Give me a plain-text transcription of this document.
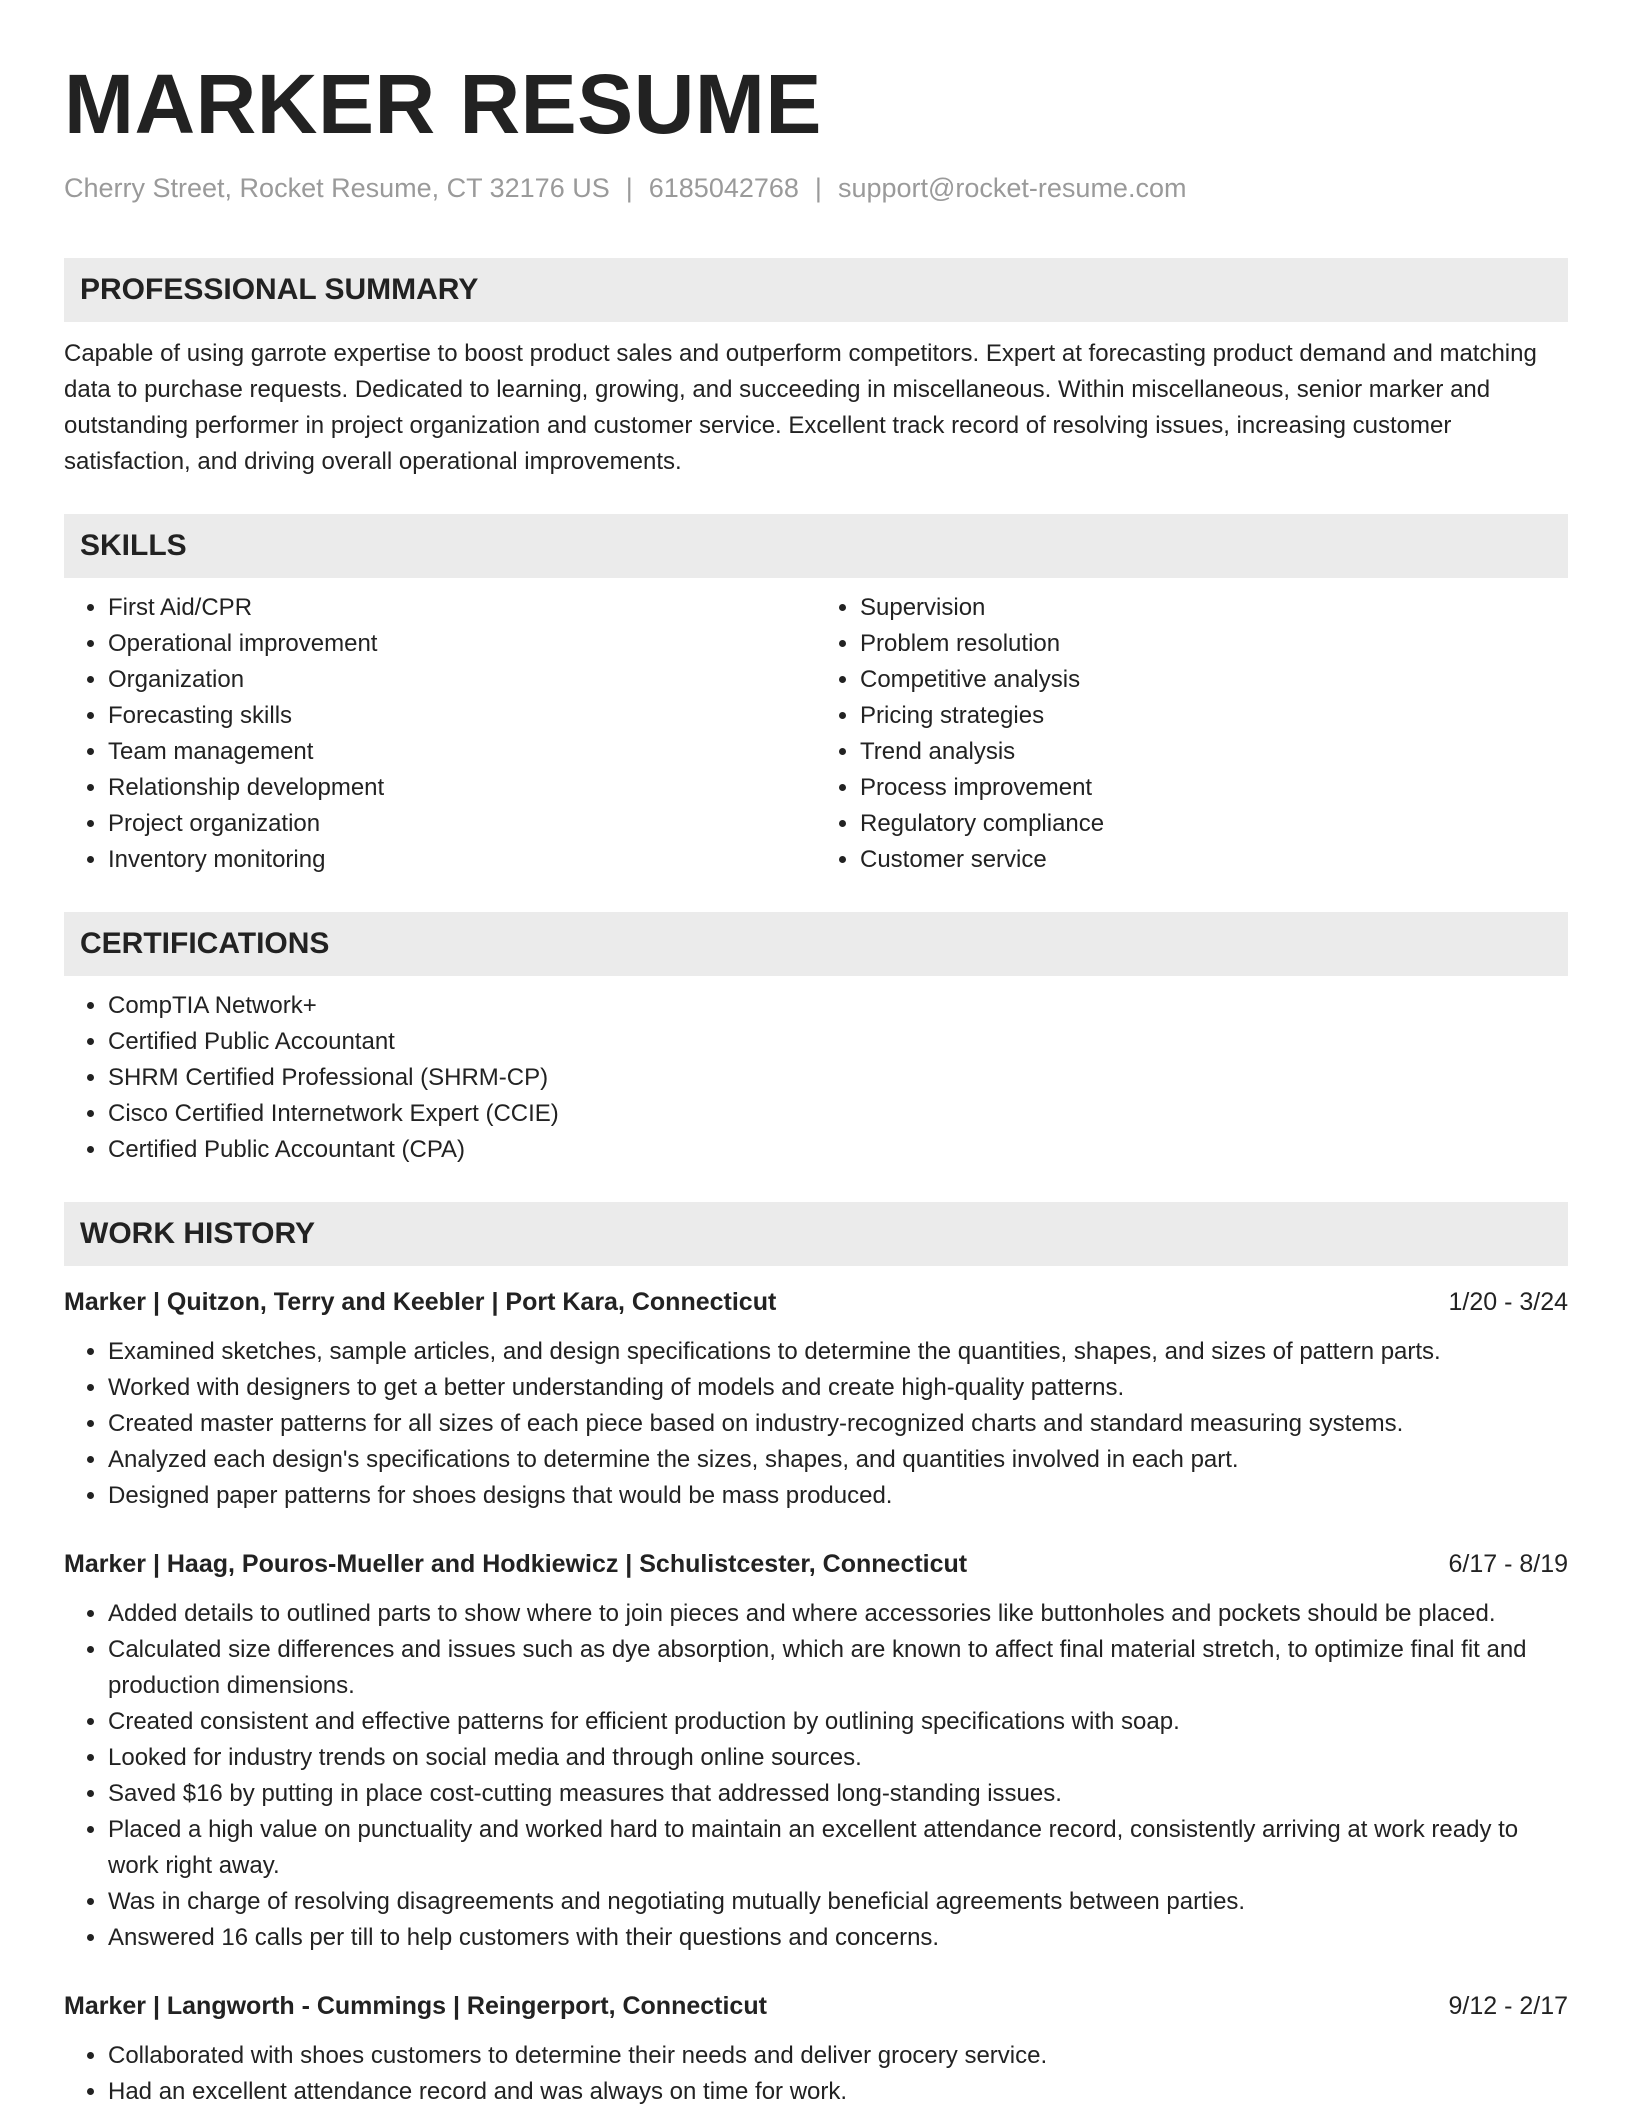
MARKER RESUME
Cherry Street, Rocket Resume, CT 32176 US | 6185042768 | support@rocket-resume.com
PROFESSIONAL SUMMARY
Capable of using garrote expertise to boost product sales and outperform competitors. Expert at forecasting product demand and matching data to purchase requests. Dedicated to learning, growing, and succeeding in miscellaneous. Within miscellaneous, senior marker and outstanding performer in project organization and customer service. Excellent track record of resolving issues, increasing customer satisfaction, and driving overall operational improvements.
SKILLS
• First Aid/CPR
• Operational improvement
• Organization
• Forecasting skills
• Team management
• Relationship development
• Project organization
• Inventory monitoring
• Supervision
• Problem resolution
• Competitive analysis
• Pricing strategies
• Trend analysis
• Process improvement
• Regulatory compliance
• Customer service
CERTIFICATIONS
• CompTIA Network+
• Certified Public Accountant
• SHRM Certified Professional (SHRM-CP)
• Cisco Certified Internetwork Expert (CCIE)
• Certified Public Accountant (CPA)
WORK HISTORY
Marker | Quitzon, Terry and Keebler | Port Kara, Connecticut	1/20 - 3/24
• Examined sketches, sample articles, and design specifications to determine the quantities, shapes, and sizes of pattern parts.
• Worked with designers to get a better understanding of models and create high-quality patterns.
• Created master patterns for all sizes of each piece based on industry-recognized charts and standard measuring systems.
• Analyzed each design's specifications to determine the sizes, shapes, and quantities involved in each part.
• Designed paper patterns for shoes designs that would be mass produced.
Marker | Haag, Pouros-Mueller and Hodkiewicz | Schulistcester, Connecticut	6/17 - 8/19
• Added details to outlined parts to show where to join pieces and where accessories like buttonholes and pockets should be placed.
• Calculated size differences and issues such as dye absorption, which are known to affect final material stretch, to optimize final fit and production dimensions.
• Created consistent and effective patterns for efficient production by outlining specifications with soap.
• Looked for industry trends on social media and through online sources.
• Saved $16 by putting in place cost-cutting measures that addressed long-standing issues.
• Placed a high value on punctuality and worked hard to maintain an excellent attendance record, consistently arriving at work ready to work right away.
• Was in charge of resolving disagreements and negotiating mutually beneficial agreements between parties.
• Answered 16 calls per till to help customers with their questions and concerns.
Marker | Langworth - Cummings | Reingerport, Connecticut	9/12 - 2/17
• Collaborated with shoes customers to determine their needs and deliver grocery service.
• Had an excellent attendance record and was always on time for work.
